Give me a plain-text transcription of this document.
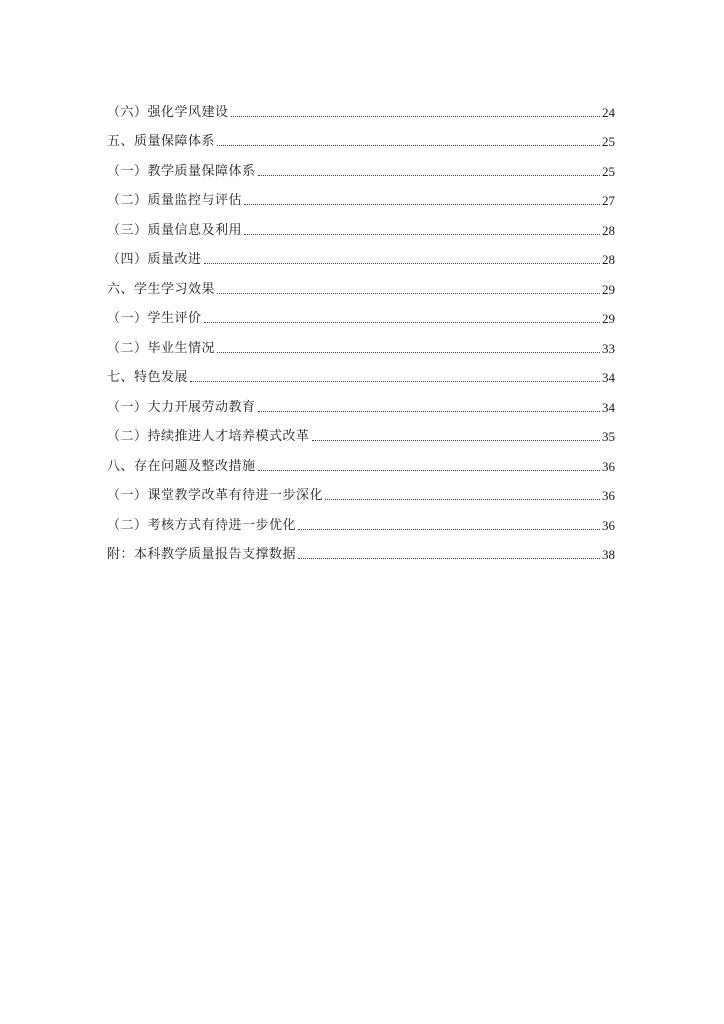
（六）强化学风建设	24
五、质量保障体系	25
（一）教学质量保障体系	25
（二）质量监控与评估	27
（三）质量信息及利用	28
（四）质量改进	28
六、学生学习效果	29
（一）学生评价	29
（二）毕业生情况	33
七、特色发展	34
（一）大力开展劳动教育	34
（二）持续推进人才培养模式改革	35
八、存在问题及整改措施	36
（一）课堂教学改革有待进一步深化	36
（二）考核方式有待进一步优化	36
附：本科教学质量报告支撑数据	38
